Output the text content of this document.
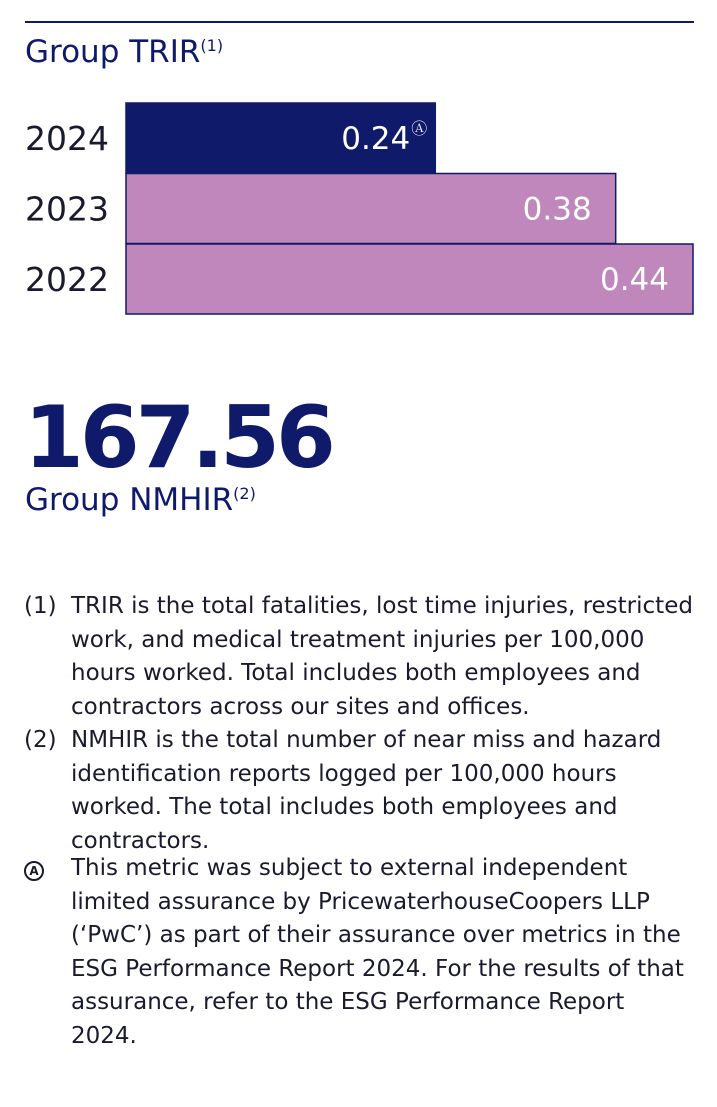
Group TRIR$^{(1)}$
2024	0.24 Ⓐ
2023	0.38
2022	0.44
167.56
Group NMHIR$^{(2)}$
(1) TRIR is the total fatalities, lost time injuries, restricted work, and medical treatment injuries per 100,000 hours worked. Total includes both employees and contractors across our sites and offices.
(2) NMHIR is the total number of near miss and hazard identification reports logged per 100,000 hours worked. The total includes both employees and contractors.
A This metric was subject to external independent limited assurance by PricewaterhouseCoopers LLP (‘PwC’) as part of their assurance over metrics in the ESG Performance Report 2024. For the results of that assurance, refer to the ESG Performance Report 2024.
